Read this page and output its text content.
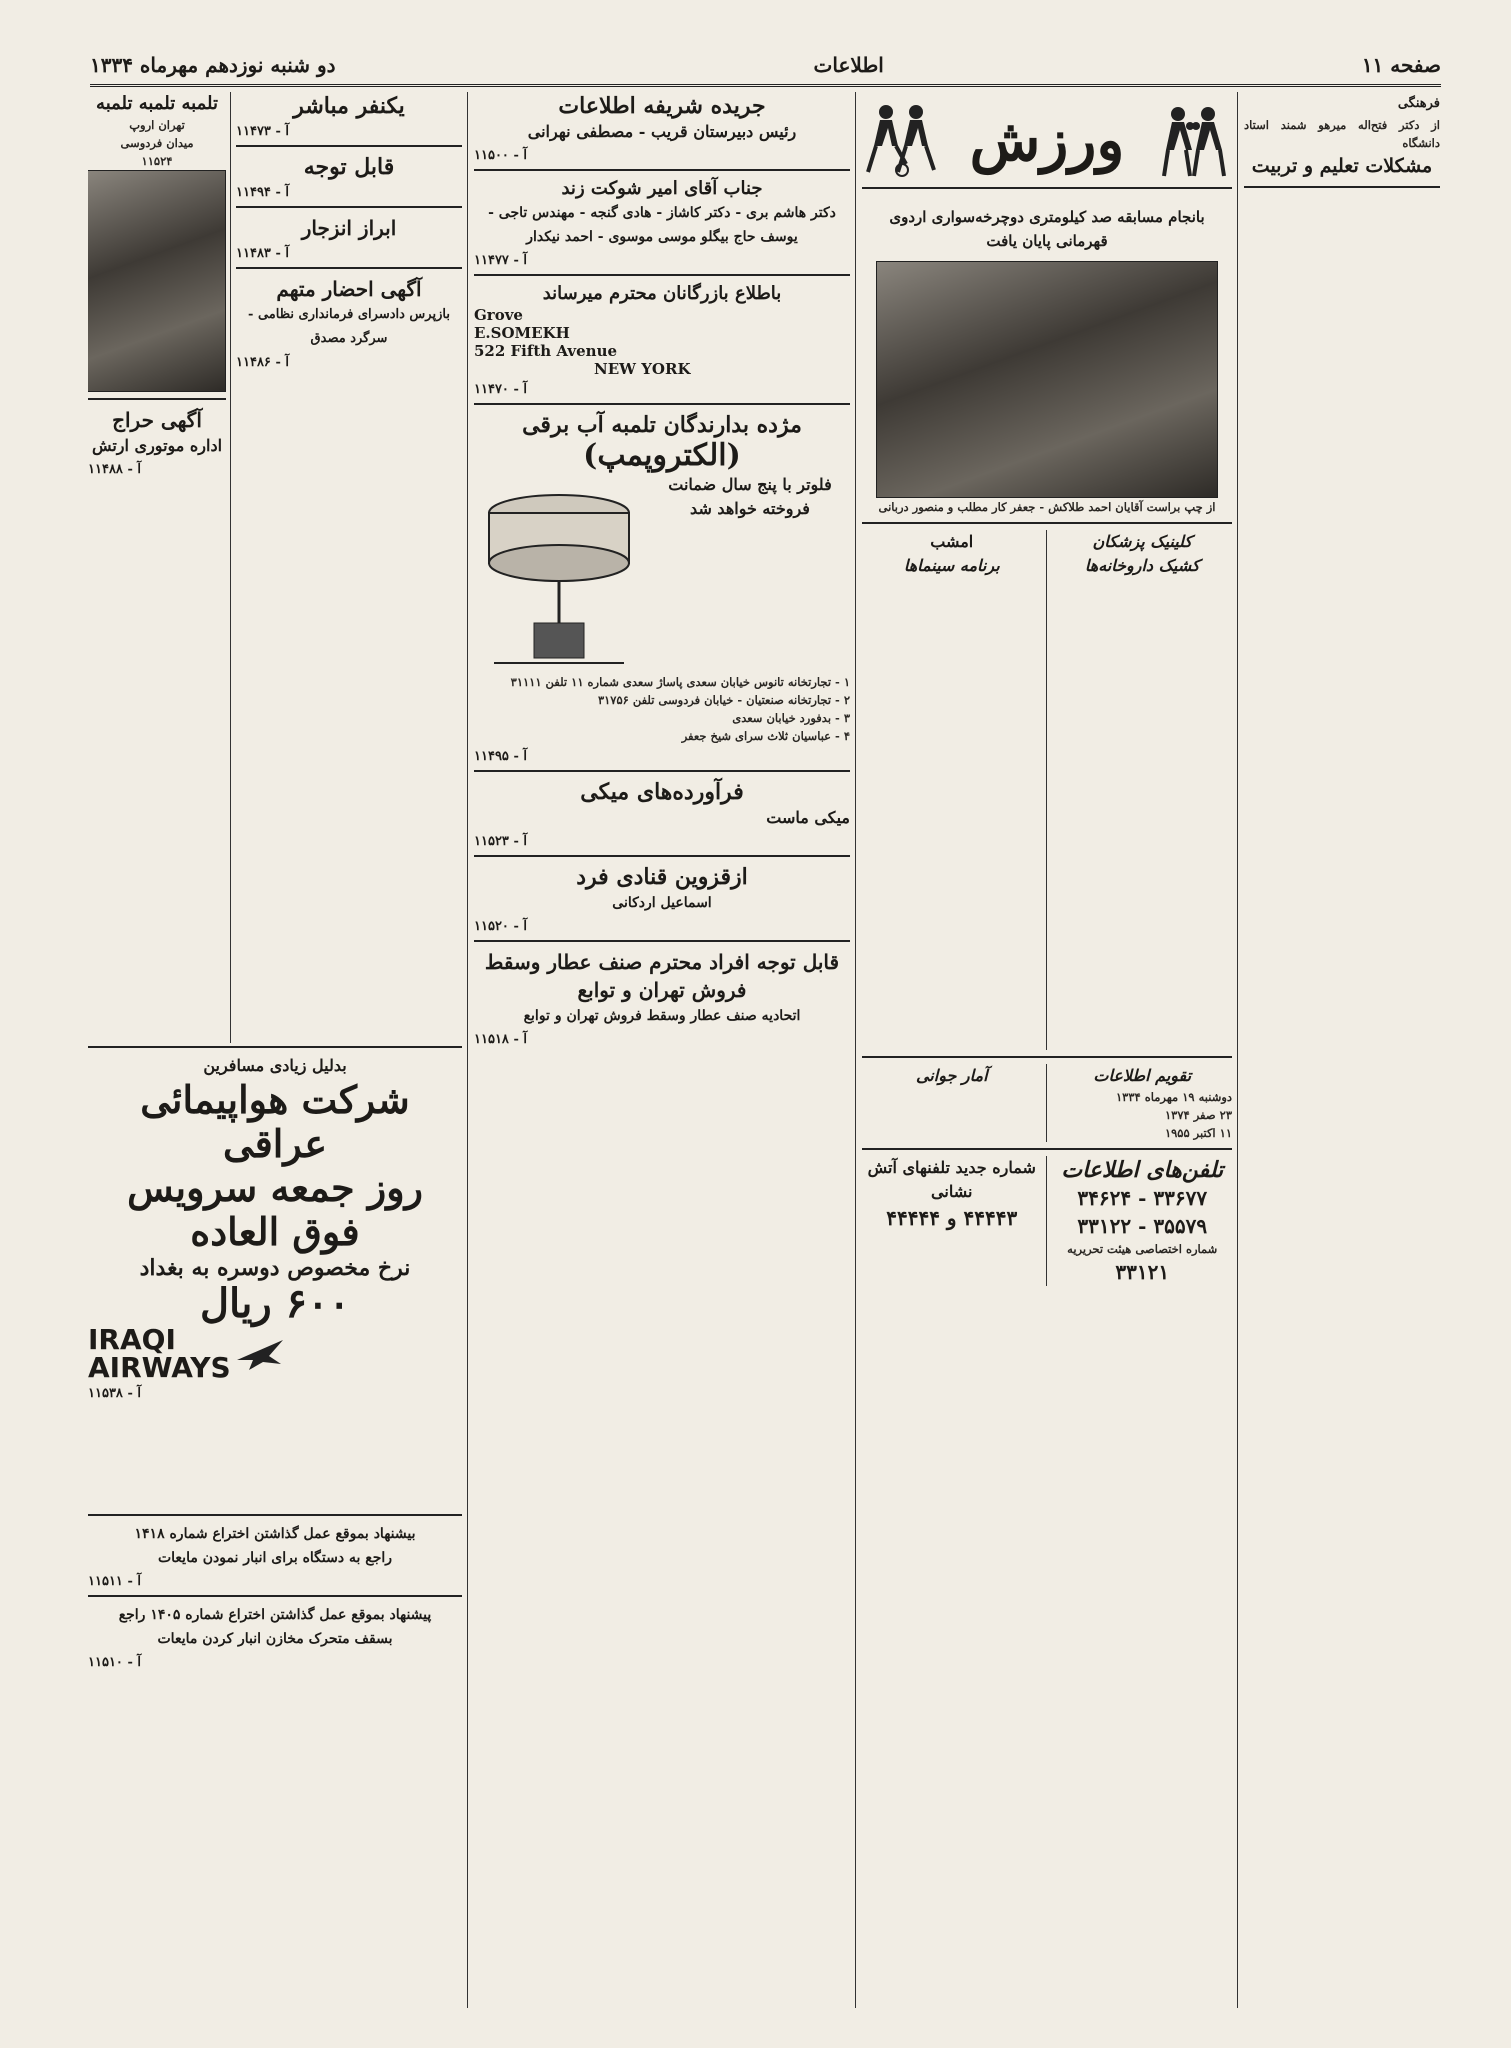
صفحه ۱۱
اطلاعات
دو شنبه نوزدهم مهرماه ۱۳۳۴
فرهنگی
از دکتر فتح‌اله میرهو شمند استاد دانشگاه
مشکلات تعلیم و تربیت
ورزش
بانجام مسابقه صد کیلومتری دوچرخه‌سواری اردوی قهرمانی پایان یافت
از چپ براست آقایان احمد طلاکش - جعفر کار مطلب و منصور دربانی
کلینیک پزشکان
کشیک داروخانه‌ها
امشب
برنامه سینماها
تقویم اطلاعات
دوشنبه ۱۹ مهرماه ۱۳۳۴
۲۳ صفر ۱۳۷۴
۱۱ اکتبر ۱۹۵۵
آمار جوانی
تلفن‌های اطلاعات
۳۳۶۷۷ - ۳۴۶۲۴
۳۵۵۷۹ - ۳۳۱۲۲
شماره اختصاصی هیئت تحریریه
۳۳۱۲۱
شماره جدید تلفنهای آتش نشانی
۴۴۴۴۳ و ۴۴۴۴۴
جریده شریفه اطلاعات
رئیس دبیرستان قریب - مصطفی نهرانی
آ - ۱۱۵۰۰
جناب آقای امیر شوکت زند
دکتر هاشم بری - دکتر کاشاز - هادی گنجه - مهندس تاجی - یوسف حاج بیگلو موسی موسوی - احمد نیکدار
آ - ۱۱۴۷۷
باطلاع بازرگانان محترم میرساند
Grove
E.SOMEKH
522 Fifth Avenue
NEW YORK
آ - ۱۱۴۷۰
مژده بدارندگان تلمبه آب برقی
(الکتروپمپ)
فلوتر با پنج سال ضمانت فروخته خواهد شد
۱ - تجارتخانه تانوس خیابان سعدی پاساژ سعدی شماره ۱۱ تلفن ۳۱۱۱۱
۲ - تجارتخانه صنعتیان - خیابان فردوسی تلفن ۳۱۷۵۶
۳ - بدفورد خیابان سعدی
۴ - عباسیان ثلاث سرای شیخ جعفر
آ - ۱۱۴۹۵
فرآورده‌های میکی
میکی ماست
آ - ۱۱۵۲۳
ازقزوین قنادی فرد
اسماعیل اردکانی
آ - ۱۱۵۲۰
قابل توجه افراد محترم صنف عطار وسقط فروش تهران و توابع
اتحادیه صنف عطار وسقط فروش تهران و توابع
آ - ۱۱۵۱۸
یکنفر مباشر
آ - ۱۱۴۷۳
قابل توجه
آ - ۱۱۴۹۴
ابراز انزجار
آ - ۱۱۴۸۳
آگهی احضار متهم
بازپرس دادسرای فرمانداری نظامی - سرگرد مصدق
آ - ۱۱۴۸۶
تلمبه تلمبه تلمبه
تهران اروپ
میدان فردوسی
۱۱۵۲۴
آگهی حراج
اداره موتوری ارتش
آ - ۱۱۴۸۸
بدلیل زیادی مسافرین
شرکت هواپیمائی عراقی
روز جمعه سرویس
فوق العاده
نرخ مخصوص دوسره به بغداد
۶۰۰ ریال
IRAQI
AIRWAYS
آ - ۱۱۵۳۸
بیشنهاد بموقع عمل گذاشتن اختراع شماره ۱۴۱۸
راجع به دستگاه برای انبار نمودن مایعات
آ - ۱۱۵۱۱
پیشنهاد بموقع عمل گذاشتن اختراع شماره ۱۴۰۵ راجع
بسقف متحرک مخازن انبار کردن مایعات
آ - ۱۱۵۱۰
